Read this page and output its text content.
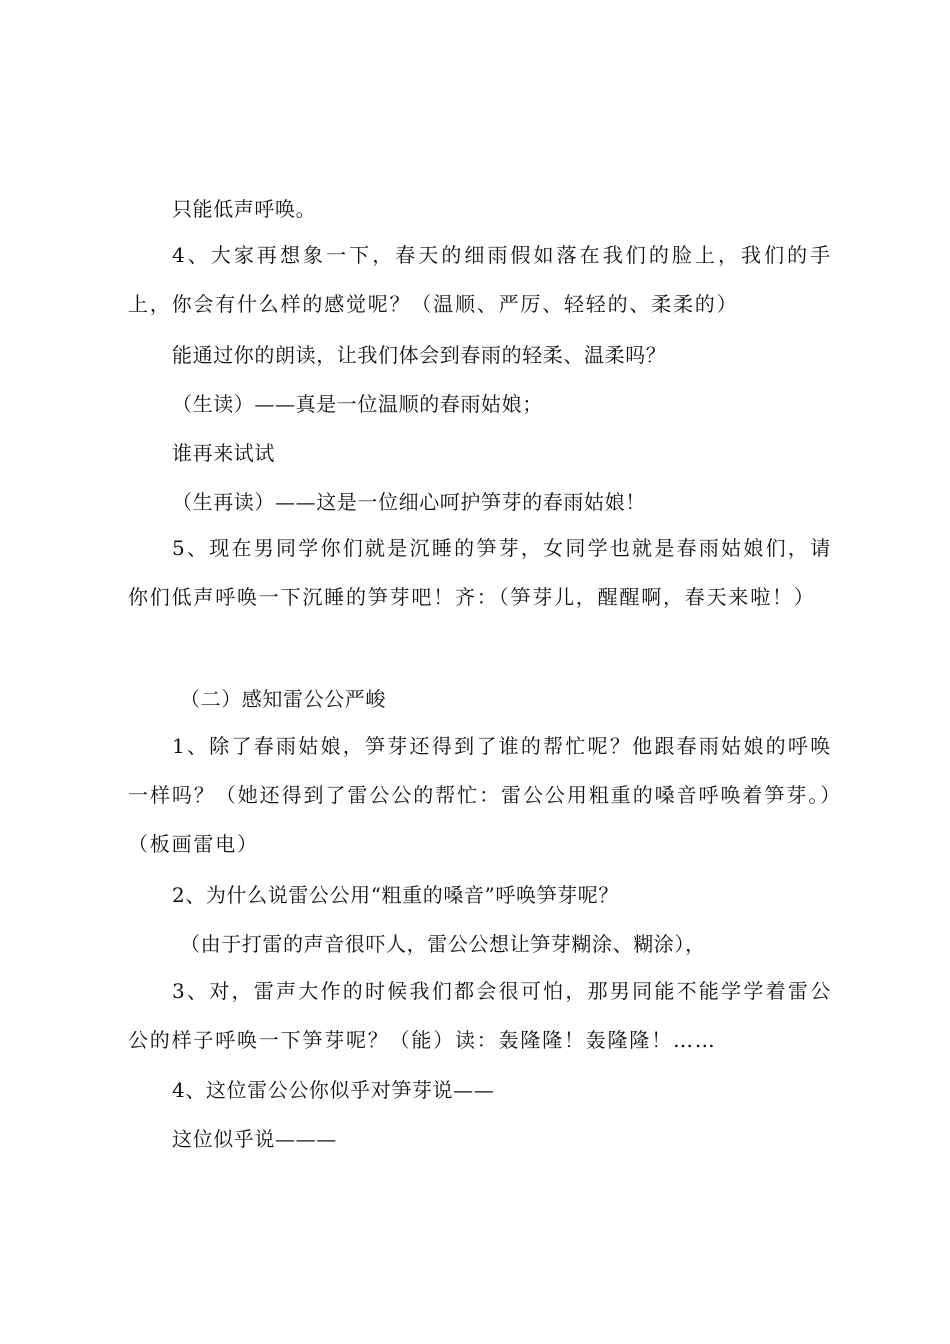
只能低声呼唤。

4、大家再想象一下，春天的细雨假如落在我们的脸上，我们的手上，你会有什么样的感觉呢？（温顺、严厉、轻轻的、柔柔的）

能通过你的朗读，让我们体会到春雨的轻柔、温柔吗？
（生读）——真是一位温顺的春雨姑娘；
谁再来试试
（生再读）——这是一位细心呵护笋芽的春雨姑娘！

5、现在男同学你们就是沉睡的笋芽，女同学也就是春雨姑娘们，请你们低声呼唤一下沉睡的笋芽吧！齐：（笋芽儿，醒醒啊，春天来啦！）

（二）感知雷公公严峻

1、除了春雨姑娘，笋芽还得到了谁的帮忙呢？他跟春雨姑娘的呼唤一样吗？（她还得到了雷公公的帮忙：雷公公用粗重的嗓音呼唤着笋芽。）（板画雷电）

2、为什么说雷公公用“粗重的嗓音”呼唤笋芽呢？
（由于打雷的声音很吓人，雷公公想让笋芽糊涂、糊涂），

3、对，雷声大作的时候我们都会很可怕，那男同能不能学学着雷公公的样子呼唤一下笋芽呢？（能）读：轰隆隆！轰隆隆！……

4、这位雷公公你似乎对笋芽说——
这位似乎说———
